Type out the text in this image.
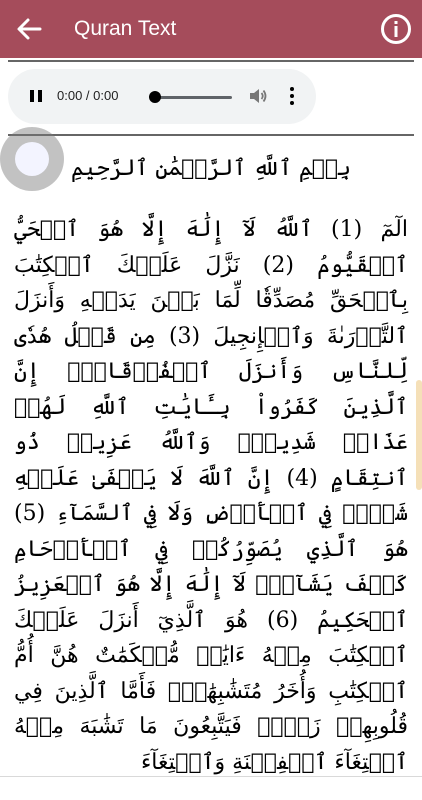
Quran Text
0:00 / 0:00
بِسۡمِ ٱللَّهِ ٱلرَّحۡمَٰنِ ٱلرَّحِيمِ
الٓمٓ (1) ٱللَّهُ لَآ إِلَٰهَ إِلَّا هُوَ ٱلۡحَيُّ ٱلۡقَيُّومُ (2) نَزَّلَ عَلَيۡكَ ٱلۡكِتَٰبَ بِٱلۡحَقِّ مُصَدِّقٗا لِّمَا بَيۡنَ يَدَيۡهِ وَأَنزَلَ ٱلتَّوۡرَىٰةَ وَٱلۡإِنجِيلَ (3) مِن قَبۡلُ هُدٗى لِّلنَّاسِ وَأَنزَلَ ٱلۡفُرۡقَانَۗ إِنَّ ٱلَّذِينَ كَفَرُواْ بِـَٔايَٰتِ ٱللَّهِ لَهُمۡ عَذَابٞ شَدِيدٞۗ وَٱللَّهُ عَزِيزٞ ذُو ٱنتِقَامٍ (4) إِنَّ ٱللَّهَ لَا يَخۡفَىٰ عَلَيۡهِ شَيۡءٞ فِي ٱلۡأَرۡضِ وَلَا فِي ٱلسَّمَآءِ (5) هُوَ ٱلَّذِي يُصَوِّرُكُمۡ فِي ٱلۡأَرۡحَامِ كَيۡفَ يَشَآءُۚ لَآ إِلَٰهَ إِلَّا هُوَ ٱلۡعَزِيزُ ٱلۡحَكِيمُ (6) هُوَ ٱلَّذِيٓ أَنزَلَ عَلَيۡكَ ٱلۡكِتَٰبَ مِنۡهُ ءَايَٰتٞ مُّحۡكَمَٰتٌ هُنَّ أُمُّ ٱلۡكِتَٰبِ وَأُخَرُ مُتَشَٰبِهَٰتٞۖ فَأَمَّا ٱلَّذِينَ فِي قُلُوبِهِمۡ زَيۡغٞ فَيَتَّبِعُونَ مَا تَشَٰبَهَ مِنۡهُ ٱبۡتِغَآءَ ٱلۡفِتۡنَةِ وَٱبۡتِغَآءَ
